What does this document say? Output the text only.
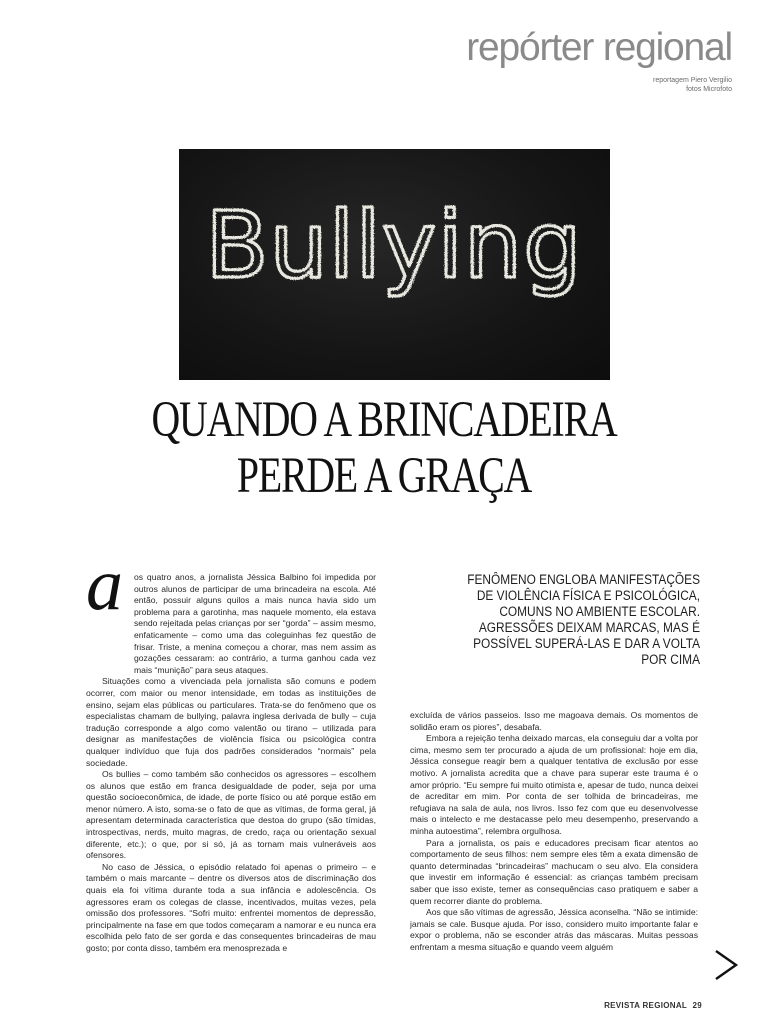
repórter regional
reportagem Piero Vergilio
fotos Microfoto
Bullying
QUANDO A BRINCADEIRA
PERDE A GRAÇA
a	os quatro anos, a jornalista Jéssica Balbino foi impedida por outros alunos de participar de uma brincadeira na escola. Até então, possuir alguns quilos a mais nunca havia sido um problema para a garotinha, mas naquele momento, ela estava sendo rejeitada pelas crianças por ser “gorda” – assim mesmo, enfaticamente – como uma das coleguinhas fez questão de frisar. Triste, a menina começou a chorar, mas nem assim as gozações cessaram: ao contrário, a turma ganhou cada vez mais “munição” para seus ataques.

Situações como a vivenciada pela jornalista são comuns e podem ocorrer, com maior ou menor intensidade, em todas as instituições de ensino, sejam elas públicas ou particulares. Trata-se do fenômeno que os especialistas chamam de bullying, palavra inglesa derivada de bully – cuja tradução corresponde a algo como valentão ou tirano – utilizada para designar as manifestações de violência física ou psicológica contra qualquer indivíduo que fuja dos padrões considerados “normais” pela sociedade.

Os bullies – como também são conhecidos os agressores – escolhem os alunos que estão em franca desigualdade de poder, seja por uma questão socioeconômica, de idade, de porte físico ou até porque estão em menor número. A isto, soma-se o fato de que as vítimas, de forma geral, já apresentam determinada característica que destoa do grupo (são tímidas, introspectivas, nerds, muito magras, de credo, raça ou orientação sexual diferente, etc.); o que, por si só, já as tornam mais vulneráveis aos ofensores.

No caso de Jéssica, o episódio relatado foi apenas o primeiro – e também o mais marcante – dentre os diversos atos de discriminação dos quais ela foi vítima durante toda a sua infância e adolescência. Os agressores eram os colegas de classe, incentivados, muitas vezes, pela omissão dos professores. “Sofri muito: enfrentei momentos de depressão, principalmente na fase em que todos começaram a namorar e eu nunca era escolhida pelo fato de ser gorda e das consequentes brincadeiras de mau gosto; por conta disso, também era menosprezada e

FENÔMENO ENGLOBA MANIFESTAÇÕES DE VIOLÊNCIA FÍSICA E PSICOLÓGICA, COMUNS NO AMBIENTE ESCOLAR. AGRESSÕES DEIXAM MARCAS, MAS É POSSÍVEL SUPERÁ-LAS E DAR A VOLTA POR CIMA

excluída de vários passeios. Isso me magoava demais. Os momentos de solidão eram os piores”, desabafa.

Embora a rejeição tenha deixado marcas, ela conseguiu dar a volta por cima, mesmo sem ter procurado a ajuda de um profissional: hoje em dia, Jéssica consegue reagir bem a qualquer tentativa de exclusão por esse motivo. A jornalista acredita que a chave para superar este trauma é o amor próprio. “Eu sempre fui muito otimista e, apesar de tudo, nunca deixei de acreditar em mim. Por conta de ser tolhida de brincadeiras, me refugiava na sala de aula, nos livros. Isso fez com que eu desenvolvesse mais o intelecto e me destacasse pelo meu desempenho, preservando a minha autoestima”, relembra orgulhosa.

Para a jornalista, os pais e educadores precisam ficar atentos ao comportamento de seus filhos: nem sempre eles têm a exata dimensão de quanto determinadas “brincadeiras” machucam o seu alvo. Ela considera que investir em informação é essencial: as crianças também precisam saber que isso existe, temer as consequências caso pratiquem e saber a quem recorrer diante do problema.

Aos que são vítimas de agressão, Jéssica aconselha. “Não se intimide: jamais se cale. Busque ajuda. Por isso, considero muito importante falar e expor o problema, não se esconder atrás das máscaras. Muitas pessoas enfrentam a mesma situação e quando veem alguém

REVISTA REGIONAL 29
